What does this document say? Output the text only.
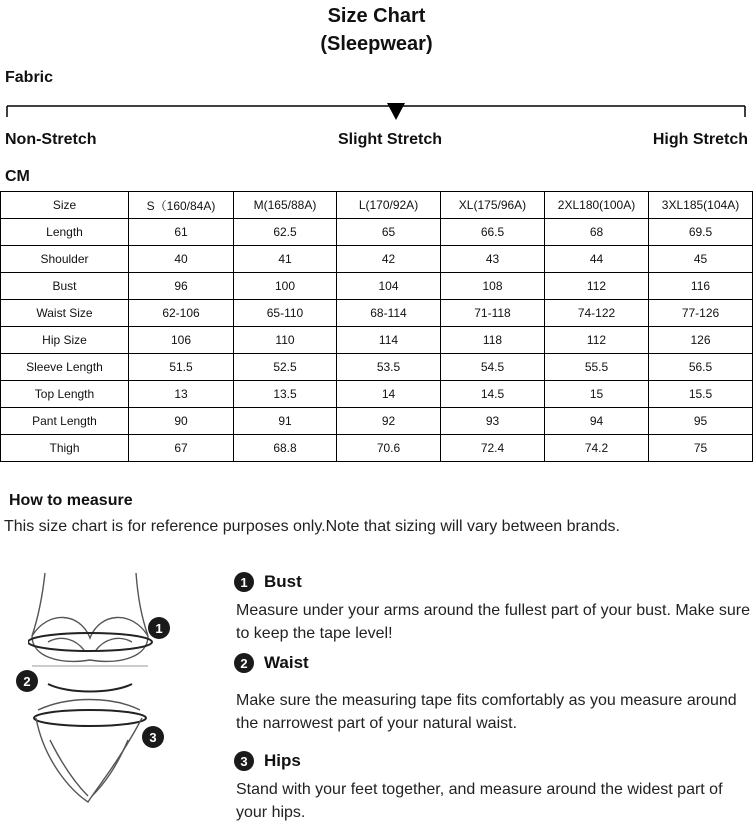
Size Chart
(Sleepwear)
Fabric
Non-Stretch	Slight Stretch	High Stretch
CM
Size	S（160/84A)	M(165/88A)	L(170/92A)	XL(175/96A)	2XL180(100A)	3XL185(104A)
Length	61	62.5	65	66.5	68	69.5
Shoulder	40	41	42	43	44	45
Bust	96	100	104	108	112	116
Waist Size	62-106	65-110	68-114	71-118	74-122	77-126
Hip Size	106	110	114	118	112	126
Sleeve Length	51.5	52.5	53.5	54.5	55.5	56.5
Top Length	13	13.5	14	14.5	15	15.5
Pant Length	90	91	92	93	94	95
Thigh	67	68.8	70.6	72.4	74.2	75
How to measure
This size chart is for reference purposes only.Note that sizing will vary between brands.
1
2
3
1 Bust
Measure under your arms around the fullest part of your bust. Make sure to keep the tape level!
2 Waist
Make sure the measuring tape fits comfortably as you measure around the narrowest part of your natural waist.
3 Hips
Stand with your feet together, and measure around the widest part of your hips.
